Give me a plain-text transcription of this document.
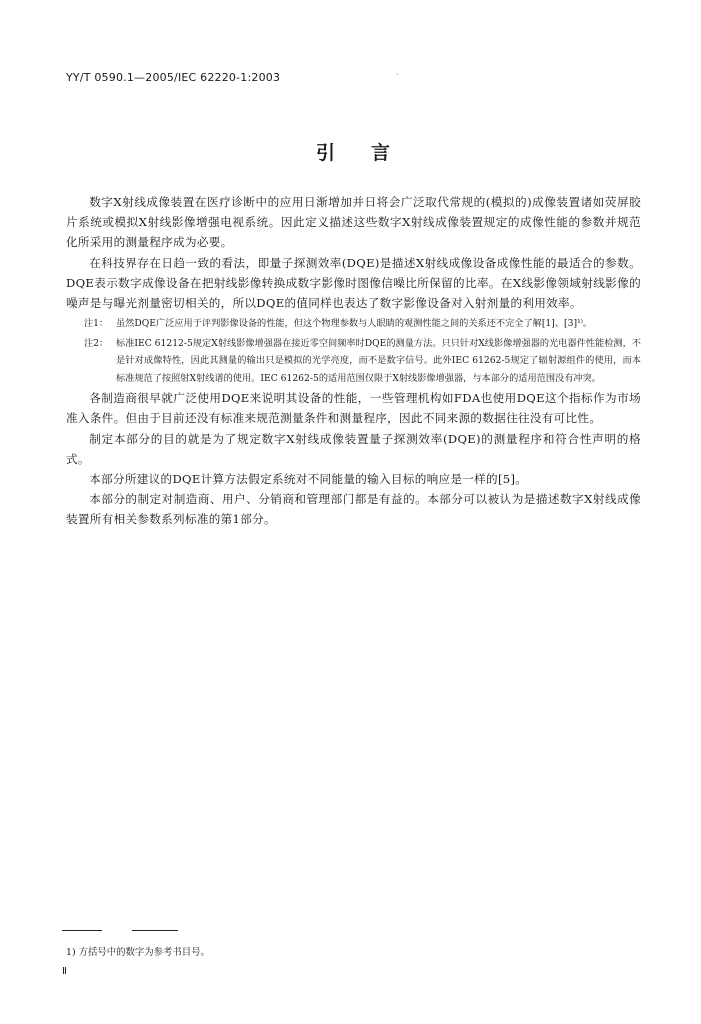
YY/T 0590.1—2005/IEC 62220-1:2003	·
引言

数字X射线成像装置在医疗诊断中的应用日渐增加并日将会广泛取代常规的(模拟的)成像装置诸如荧屏胶片系统或模拟X射线影像增强电视系统。因此定义描述这些数字X射线成像装置规定的成像性能的参数并规范化所采用的测量程序成为必要。

在科技界存在日趋一致的看法，即量子探测效率(DQE)是描述X射线成像设备成像性能的最适合的参数。DQE表示数字成像设备在把射线影像转换成数字影像时图像信噪比所保留的比率。在X线影像领域射线影像的噪声是与曝光剂量密切相关的，所以DQE的值同样也表达了数字影像设备对入射剂量的利用效率。

注1： 虽然DQE广泛应用于评判影像设备的性能，但这个物理参数与人眼睛的观测性能之间的关系还不完全了解[1]、[3]¹⁾。
注2： 标准IEC 61212-5规定X射线影像增强器在接近零空间频率时DQE的测量方法。只只针对X线影像增强器的光电器件性能检测，不是针对成像特性，因此其测量的输出只是模拟的光学亮度，而不是数字信号。此外IEC 61262-5规定了辐射源组件的使用，而本标准规范了按照射X射线谱的使用。IEC 61262-5的适用范围仅限于X射线影像增强器，与本部分的适用范围没有冲突。

各制造商很早就广泛使用DQE来说明其设备的性能，一些管理机构如FDA也使用DQE这个指标作为市场准入条件。但由于目前还没有标准来规范测量条件和测量程序，因此不同来源的数据往往没有可比性。

制定本部分的目的就是为了规定数字X射线成像装置量子探测效率(DQE)的测量程序和符合性声明的格式。

本部分所建议的DQE计算方法假定系统对不同能量的输入目标的响应是一样的[5]。

本部分的制定对制造商、用户、分销商和管理部门都是有益的。本部分可以被认为是描述数字X射线成像装置所有相关参数系列标准的第1部分。

1) 方括号中的数字为参考书目号。
Ⅱ
